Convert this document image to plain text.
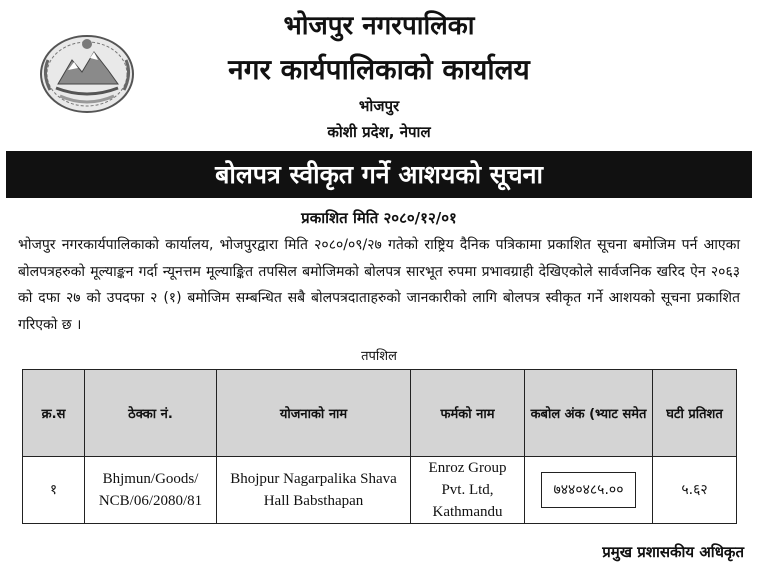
भोजपुर नगरपालिका
नगर कार्यपालिकाको कार्यालय
भोजपुर
कोशी प्रदेश, नेपाल
बोलपत्र स्वीकृत गर्ने आशयको सूचना
प्रकाशित मिति २०८०/१२/०१
भोजपुर नगरकार्यपालिकाको कार्यालय, भोजपुरद्वारा मिति २०८०/०९/२७ गतेको राष्ट्रिय दैनिक पत्रिकामा प्रकाशित सूचना बमोजिम पर्न आएका बोलपत्रहरुको मूल्याङ्कन गर्दा न्यूनत्तम मूल्याङ्कित तपसिल बमोजिमको बोलपत्र सारभूत रुपमा प्रभावग्राही देखिएकोले सार्वजनिक खरिद ऐन २०६३ को दफा २७ को उपदफा २ (१) बमोजिम सम्बन्धित सबै बोलपत्रदाताहरुको जानकारीको लागि बोलपत्र स्वीकृत गर्ने आशयको सूचना प्रकाशित गरिएको छ ।
तपशिल
क्र.स	ठेक्का नं.	योजनाको नाम	फर्मको नाम	कबोल अंक (भ्याट समेत	घटी प्रतिशत
१	Bhjmun/Goods/ NCB/06/2080/81	Bhojpur Nagarpalika Shava Hall Babsthapan	Enroz Group Pvt. Ltd, Kathmandu	७४४०४८५.००	५.६२
प्रमुख प्रशासकीय अधिकृत
